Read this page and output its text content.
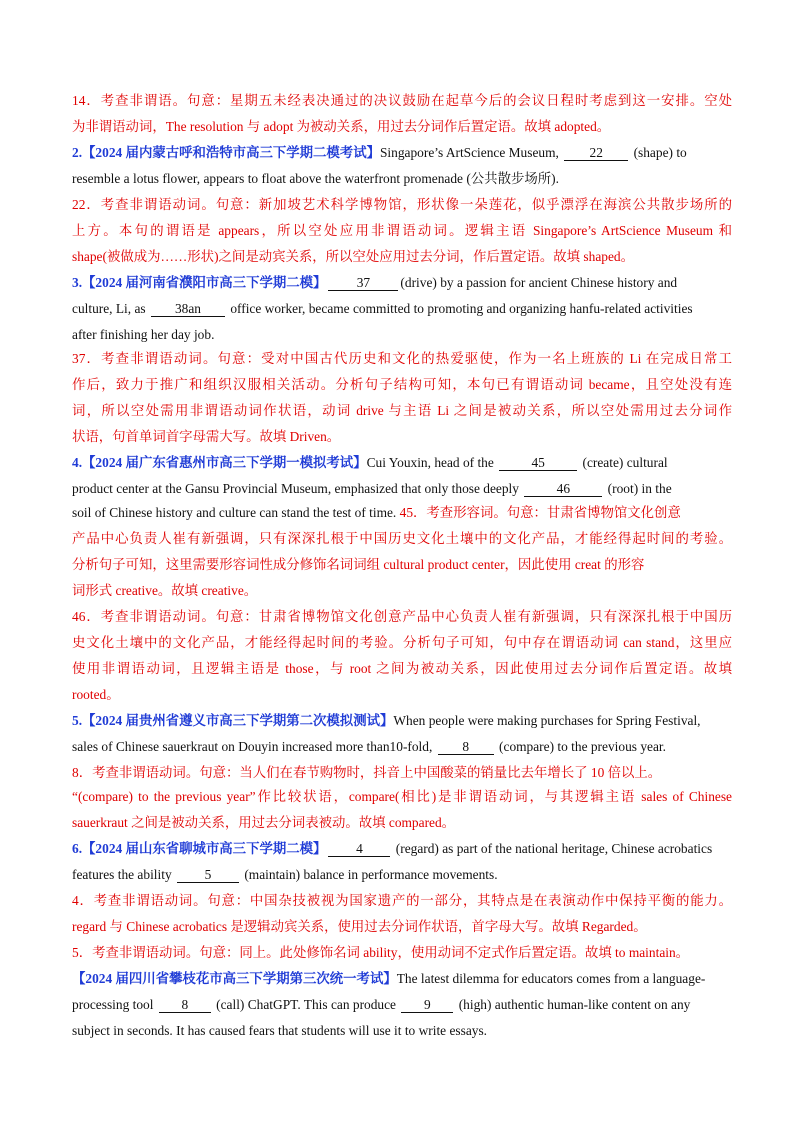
14．考查非谓语。句意：星期五未经表决通过的决议鼓励在起草今后的会议日程时考虑到这一安排。空处
为非谓语动词，The resolution 与 adopt 为被动关系，用过去分词作后置定语。故填 adopted。
2.【2024 届内蒙古呼和浩特市高三下学期二模考试】Singapore’s ArtScience Museum, 22 (shape) to
resemble a lotus flower, appears to float above the waterfront promenade (公共散步场所).
22．考查非谓语动词。句意：新加坡艺术科学博物馆，形状像一朵莲花，似乎漂浮在海滨公共散步场所的
上方。本句的谓语是 appears，所以空处应用非谓语动词。逻辑主语 Singapore’s ArtScience Museum 和
shape(被做成为……形状)之间是动宾关系，所以空处应用过去分词，作后置定语。故填 shaped。
3.【2024 届河南省濮阳市高三下学期二模】 37 (drive) by a passion for ancient Chinese history and
culture, Li, as 38an office worker, became committed to promoting and organizing hanfu-related activities
after finishing her day job.
37．考查非谓语动词。句意：受对中国古代历史和文化的热爱驱使，作为一名上班族的 Li 在完成日常工
作后，致力于推广和组织汉服相关活动。分析句子结构可知，本句已有谓语动词 became，且空处没有连
词，所以空处需用非谓语动词作状语，动词 drive 与主语 Li 之间是被动关系，所以空处需用过去分词作
状语，句首单词首字母需大写。故填 Driven。
4.【2024 届广东省惠州市高三下学期一模拟考试】Cui Youxin, head of the	45	(create) cultural
product center at the Gansu Provincial Museum, emphasized that only those deeply	46	(root) in the
soil of Chinese history and culture can stand the test of time. 45．考查形容词。句意：甘肃省博物馆文化创意
产品中心负责人崔有新强调，只有深深扎根于中国历史文化土壤中的文化产品，才能经得起时间的考验。
分析句子可知，这里需要形容词性成分修饰名词词组 cultural product center，因此使用 creat 的形容
词形式 creative。故填 creative。
46．考查非谓语动词。句意：甘肃省博物馆文化创意产品中心负责人崔有新强调，只有深深扎根于中国历
史文化土壤中的文化产品，才能经得起时间的考验。分析句子可知，句中存在谓语动词 can stand，这里应
使用非谓语动词，且逻辑主语是 those，与 root 之间为被动关系，因此使用过去分词作后置定语。故填
rooted。
5.【2024 届贵州省遵义市高三下学期第二次模拟测试】When people were making purchases for Spring Festival,
sales of Chinese sauerkraut on Douyin increased more than10-fold, 8 (compare) to the previous year.
8．考查非谓语动词。句意：当人们在春节购物时，抖音上中国酸菜的销量比去年增长了 10 倍以上。
“(compare) to the previous year”作比较状语，compare(相比)是非谓语动词，与其逻辑主语 sales of Chinese
sauerkraut 之间是被动关系，用过去分词表被动。故填 compared。
6.【2024 届山东省聊城市高三下学期二模】 4 (regard) as part of the national heritage, Chinese acrobatics
features the ability 5 (maintain) balance in performance movements.
4．考查非谓语动词。句意：中国杂技被视为国家遗产的一部分，其特点是在表演动作中保持平衡的能力。
regard 与 Chinese acrobatics 是逻辑动宾关系，使用过去分词作状语，首字母大写。故填 Regarded。
5．考查非谓语动词。句意：同上。此处修饰名词 ability，使用动词不定式作后置定语。故填 to maintain。
【2024 届四川省攀枝花市高三下学期第三次统一考试】The latest dilemma for educators comes from a language-
processing tool 8 (call) ChatGPT. This can produce 9 (high) authentic human-like content on any
subject in seconds. It has caused fears that students will use it to write essays.
